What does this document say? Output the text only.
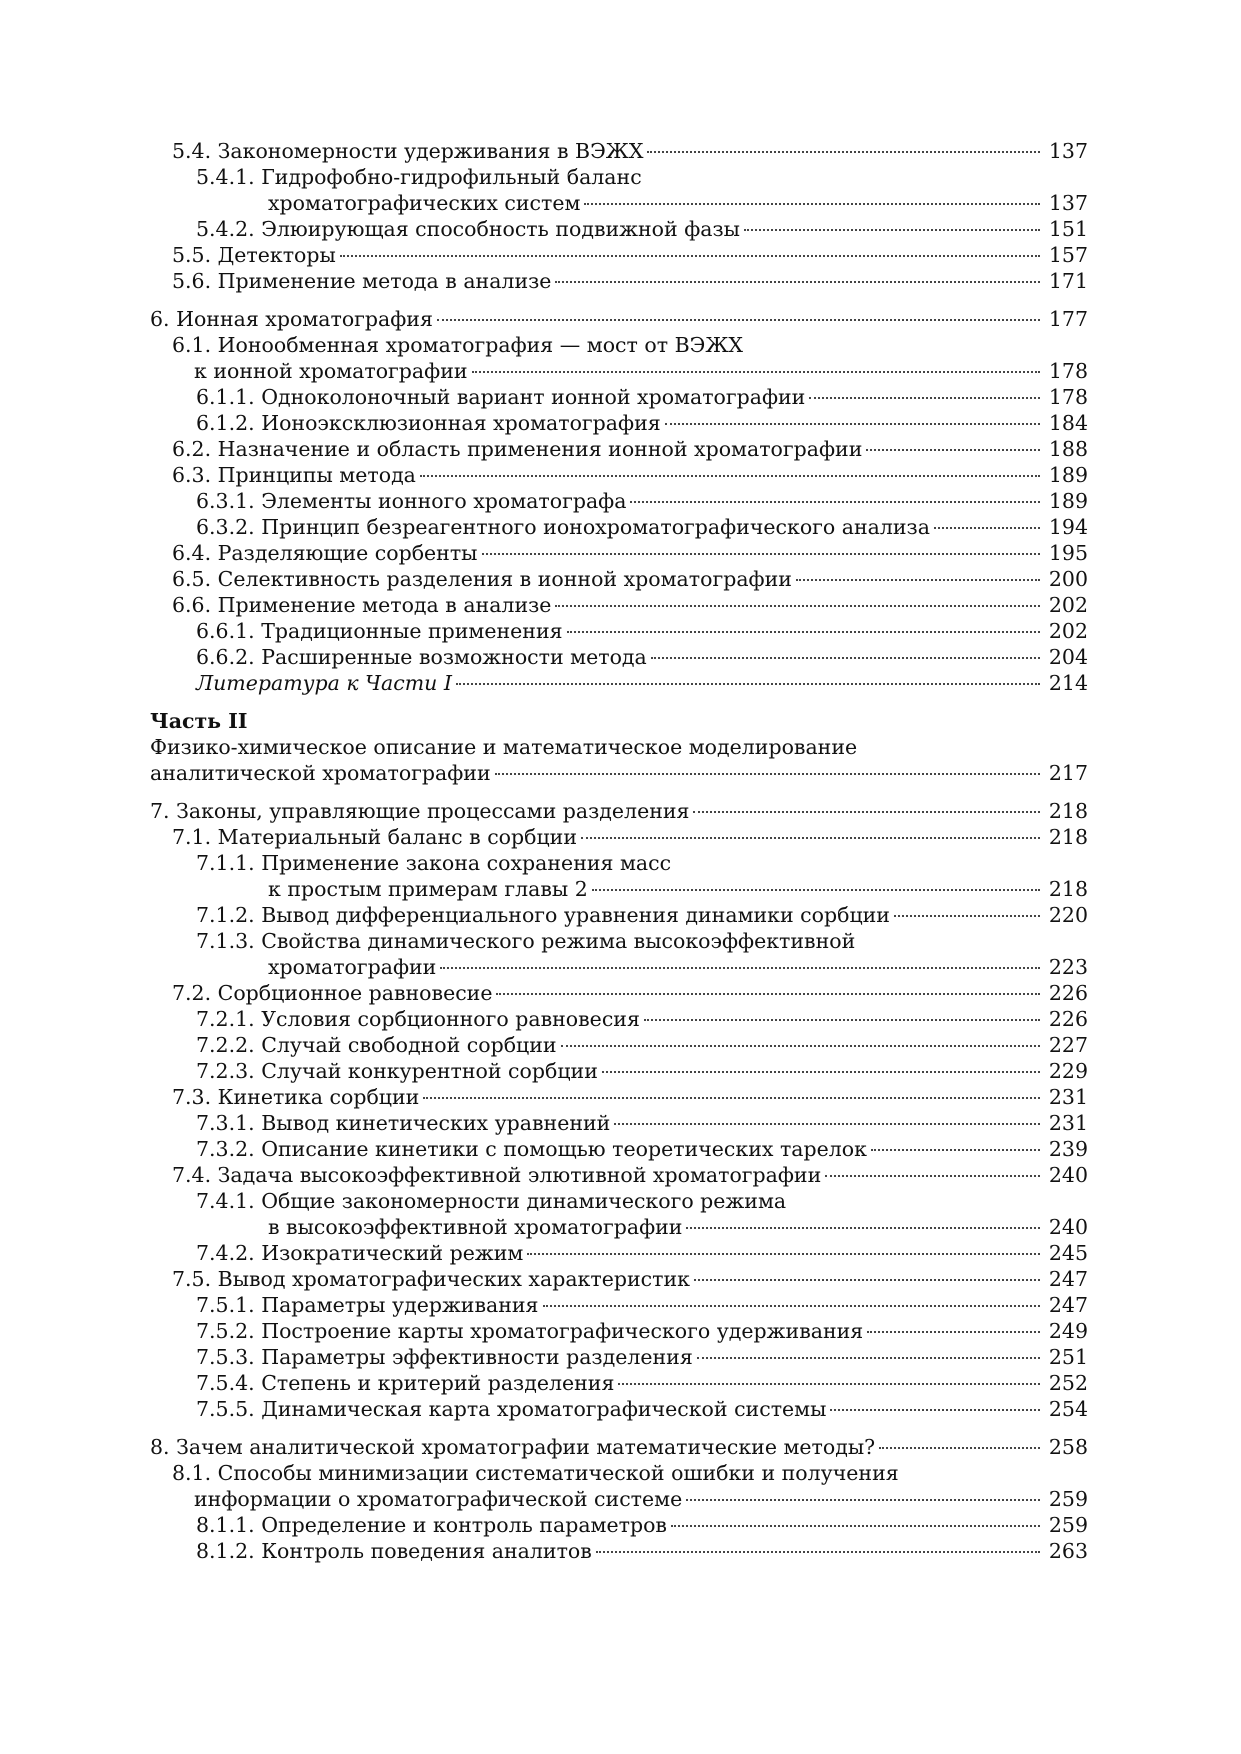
5.4. Закономерности удерживания в ВЭЖХ	137
5.4.1. Гидрофобно-гидрофильный баланс
хроматографических систем	137
5.4.2. Элюирующая способность подвижной фазы	151
5.5. Детекторы	157
5.6. Применение метода в анализе	171
6. Ионная хроматография	177
6.1. Ионообменная хроматография — мост от ВЭЖХ
к ионной хроматографии	178
6.1.1. Одноколоночный вариант ионной хроматографии	178
6.1.2. Ионоэксклюзионная хроматография	184
6.2. Назначение и область применения ионной хроматографии	188
6.3. Принципы метода	189
6.3.1. Элементы ионного хроматографа	189
6.3.2. Принцип безреагентного ионохроматографического анализа	194
6.4. Разделяющие сорбенты	195
6.5. Селективность разделения в ионной хроматографии	200
6.6. Применение метода в анализе	202
6.6.1. Традиционные применения	202
6.6.2. Расширенные возможности метода	204
Литература к Части I	214
Часть II
Физико-химическое описание и математическое моделирование
аналитической хроматографии	217
7. Законы, управляющие процессами разделения	218
7.1. Материальный баланс в сорбции	218
7.1.1. Применение закона сохранения масс
к простым примерам главы 2	218
7.1.2. Вывод дифференциального уравнения динамики сорбции	220
7.1.3. Свойства динамического режима высокоэффективной
хроматографии	223
7.2. Сорбционное равновесие	226
7.2.1. Условия сорбционного равновесия	226
7.2.2. Случай свободной сорбции	227
7.2.3. Случай конкурентной сорбции	229
7.3. Кинетика сорбции	231
7.3.1. Вывод кинетических уравнений	231
7.3.2. Описание кинетики с помощью теоретических тарелок	239
7.4. Задача высокоэффективной элютивной хроматографии	240
7.4.1. Общие закономерности динамического режима
в высокоэффективной хроматографии	240
7.4.2. Изократический режим	245
7.5. Вывод хроматографических характеристик	247
7.5.1. Параметры удерживания	247
7.5.2. Построение карты хроматографического удерживания	249
7.5.3. Параметры эффективности разделения	251
7.5.4. Степень и критерий разделения	252
7.5.5. Динамическая карта хроматографической системы	254
8. Зачем аналитической хроматографии математические методы?	258
8.1. Способы минимизации систематической ошибки и получения
информации о хроматографической системе	259
8.1.1. Определение и контроль параметров	259
8.1.2. Контроль поведения аналитов	263
